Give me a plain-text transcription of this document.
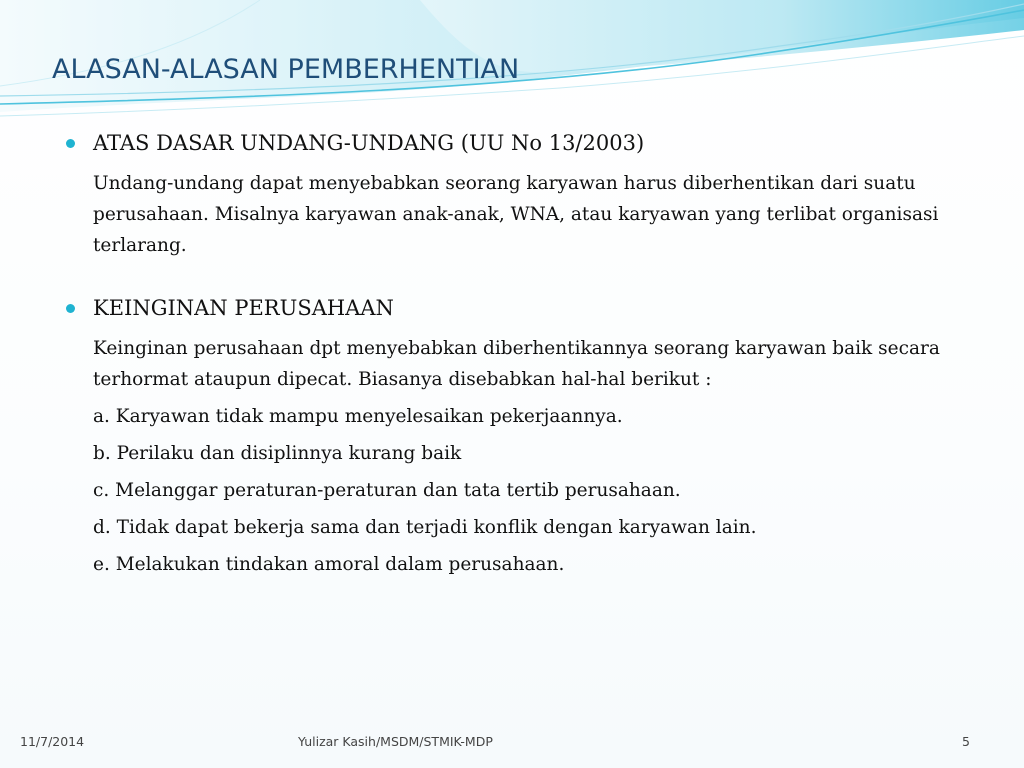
ALASAN-ALASAN PEMBERHENTIAN
ATAS DASAR UNDANG-UNDANG (UU No 13/2003)
Undang-undang dapat menyebabkan seorang karyawan harus diberhentikan dari suatu perusahaan. Misalnya karyawan anak-anak, WNA, atau karyawan yang terlibat organisasi terlarang.
KEINGINAN PERUSAHAAN
Keinginan perusahaan dpt menyebabkan diberhentikannya seorang karyawan baik secara terhormat ataupun dipecat. Biasanya disebabkan hal-hal berikut :
a. Karyawan tidak mampu menyelesaikan pekerjaannya.
b. Perilaku dan disiplinnya kurang baik
c. Melanggar peraturan-peraturan dan tata tertib perusahaan.
d. Tidak dapat bekerja sama dan terjadi konflik dengan karyawan lain.
e. Melakukan tindakan amoral dalam perusahaan.
11/7/2014	Yulizar Kasih/MSDM/STMIK-MDP	5
